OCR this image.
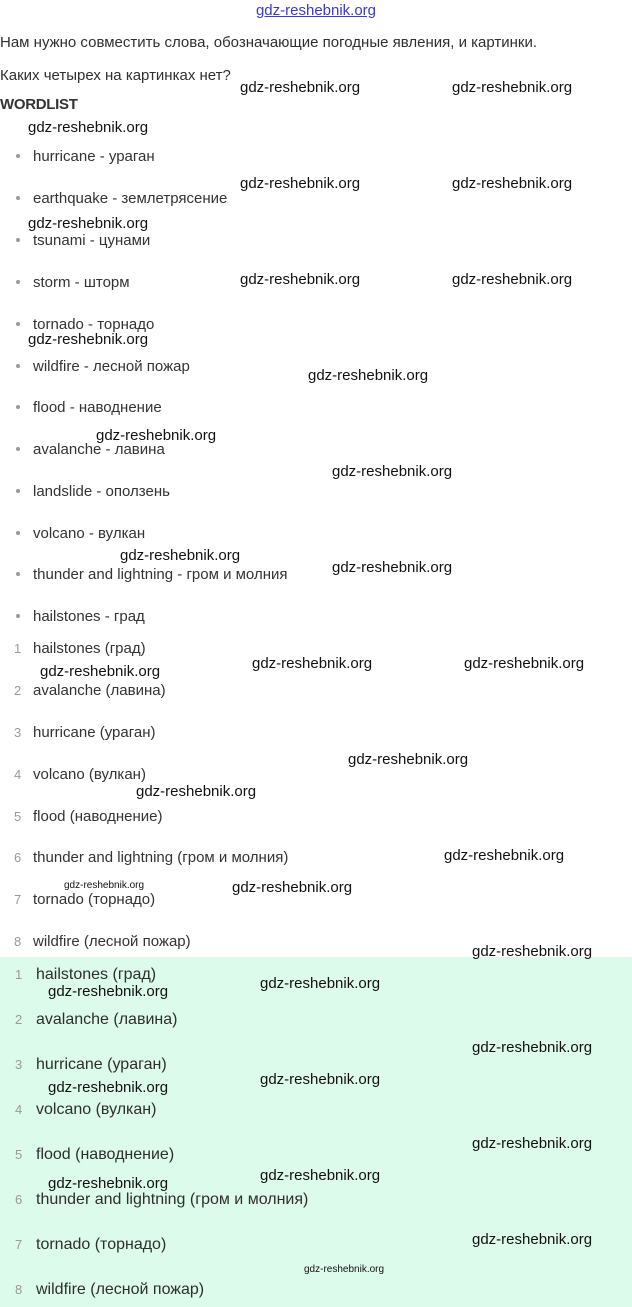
gdz-reshebnik.org
Нам нужно совместить слова, обозначающие погодные явления, и картинки.
Каких четырех на картинках нет?
WORDLIST
hurricane - ураган
earthquake - землетрясение
tsunami - цунами
storm - шторм
tornado - торнадо
wildfire - лесной пожар
flood - наводнение
avalanche - лавина
landslide - оползень
volcano - вулкан
thunder and lightning - гром и молния
hailstones - град
1 hailstones (град)
2 avalanche (лавина)
3 hurricane (ураган)
4 volcano (вулкан)
5 flood (наводнение)
6 thunder and lightning (гром и молния)
7 tornado (торнадо)
8 wildfire (лесной пожар)
1 hailstones (град)
2 avalanche (лавина)
3 hurricane (ураган)
4 volcano (вулкан)
5 flood (наводнение)
6 thunder and lightning (гром и молния)
7 tornado (торнадо)
8 wildfire (лесной пожар)
gdz-reshebnik.org	gdz-reshebnik.org
gdz-reshebnik.org
gdz-reshebnik.org	gdz-reshebnik.org
gdz-reshebnik.org
gdz-reshebnik.org	gdz-reshebnik.org
gdz-reshebnik.org
gdz-reshebnik.org
gdz-reshebnik.org
gdz-reshebnik.org
gdz-reshebnik.org
gdz-reshebnik.org
gdz-reshebnik.org	gdz-reshebnik.org	gdz-reshebnik.org
gdz-reshebnik.org
gdz-reshebnik.org
gdz-reshebnik.org
gdz-reshebnik.org	gdz-reshebnik.org
gdz-reshebnik.org
gdz-reshebnik.org	gdz-reshebnik.org
gdz-reshebnik.org
gdz-reshebnik.org	gdz-reshebnik.org
gdz-reshebnik.org
gdz-reshebnik.org	gdz-reshebnik.org
gdz-reshebnik.org
gdz-reshebnik.org
